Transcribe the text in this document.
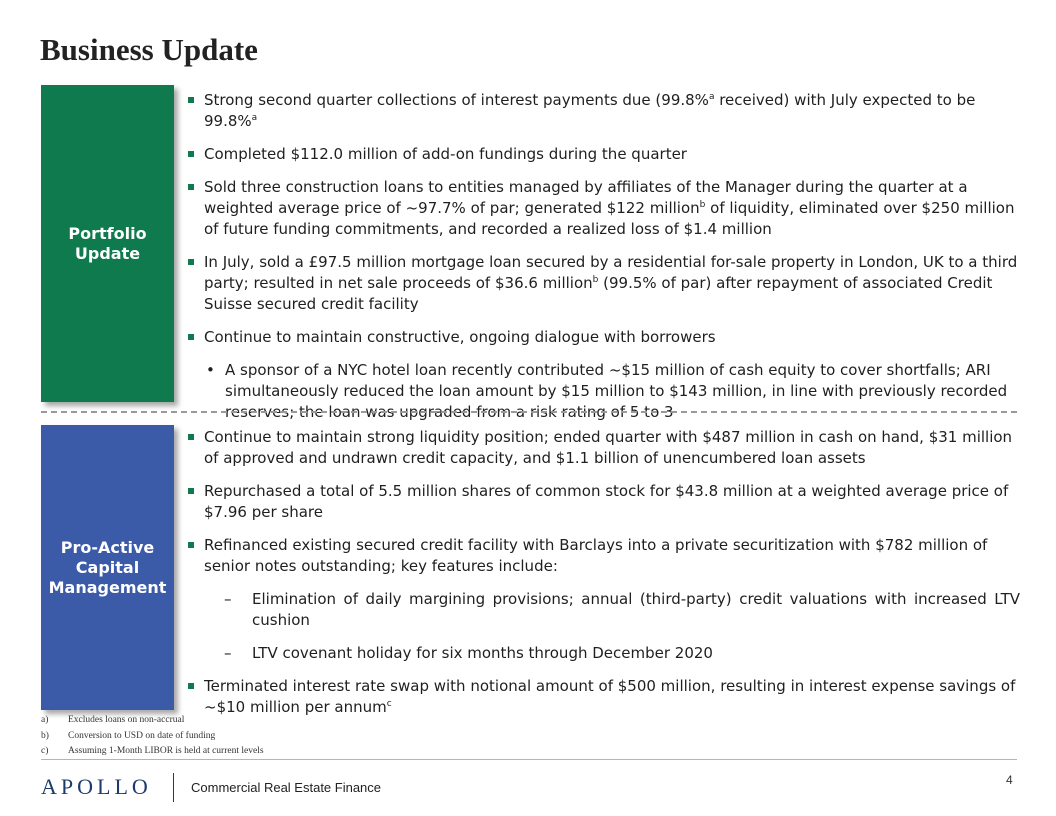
Business Update
Portfolio
Update
Strong second quarter collections of interest payments due (99.8%$^a$ received) with July expected to be 99.8%$^a$
Completed $112.0 million of add-on fundings during the quarter
Sold three construction loans to entities managed by affiliates of the Manager during the quarter at a weighted average price of ~97.7% of par; generated $122 million$^b$ of liquidity, eliminated over $250 million of future funding commitments, and recorded a realized loss of $1.4 million
In July, sold a £97.5 million mortgage loan secured by a residential for-sale property in London, UK to a third party; resulted in net sale proceeds of $36.6 million$^b$ (99.5% of par) after repayment of associated Credit Suisse secured credit facility
Continue to maintain constructive, ongoing dialogue with borrowers
• A sponsor of a NYC hotel loan recently contributed ~$15 million of cash equity to cover shortfalls; ARI simultaneously reduced the loan amount by $15 million to $143 million, in line with previously recorded reserves; the loan was upgraded from a risk rating of 5 to 3
Pro-Active
Capital
Management
Continue to maintain strong liquidity position; ended quarter with $487 million in cash on hand, $31 million of approved and undrawn credit capacity, and $1.1 billion of unencumbered loan assets
Repurchased a total of 5.5 million shares of common stock for $43.8 million at a weighted average price of $7.96 per share
Refinanced existing secured credit facility with Barclays into a private securitization with $782 million of senior notes outstanding; key features include:
– Elimination of daily margining provisions; annual (third-party) credit valuations with increased LTV cushion
– LTV covenant holiday for six months through December 2020
Terminated interest rate swap with notional amount of $500 million, resulting in interest expense savings of ~$10 million per annum$^c$
a)	Excludes loans on non-accrual
b)	Conversion to USD on date of funding
c)	Assuming 1-Month LIBOR is held at current levels
APOLLO	Commercial Real Estate Finance	4
